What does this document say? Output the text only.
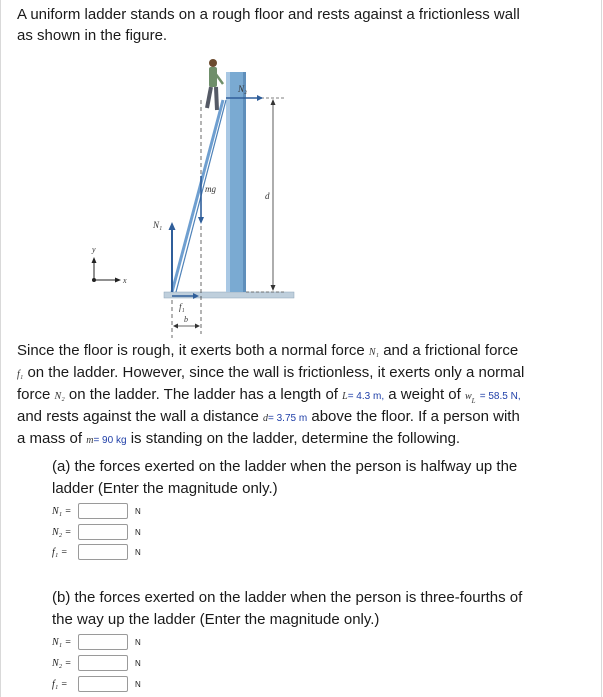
A uniform ladder stands on a rough floor and rests against a frictionless wall
as shown in the figure.
d
N₂
mg
N₁
f₁
b
y
x
Since the floor is rough, it exerts both a normal force N₁ and a frictional force
f₁ on the ladder. However, since the wall is frictionless, it exerts only a normal
force N₂ on the ladder. The ladder has a length of L= 4.3 m, a weight of $w_L = 58.5$ N,
and rests against the wall a distance d= 3.75 m above the floor. If a person with
a mass of m= 90 kg is standing on the ladder, determine the following.
(a) the forces exerted on the ladder when the person is halfway up the
ladder (Enter the magnitude only.)
N₁ =	N
N₂ =	N
f₁ =	N
(b) the forces exerted on the ladder when the person is three-fourths of
the way up the ladder (Enter the magnitude only.)
N₁ =	N
N₂ =	N
f₁ =	N
